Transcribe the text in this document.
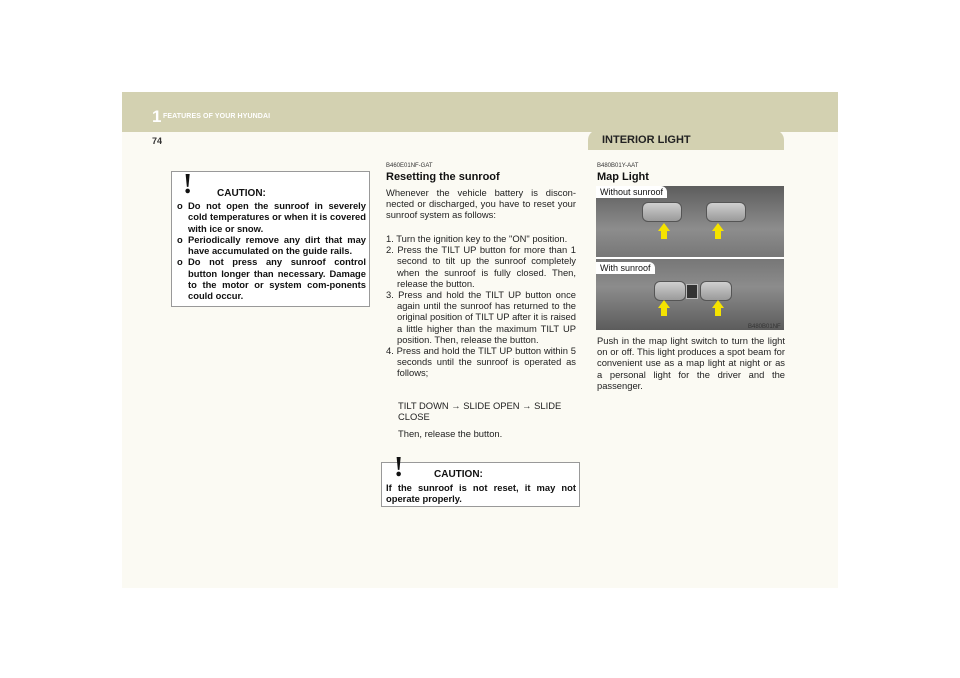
1 FEATURES OF YOUR HYUNDAI
74	INTERIOR LIGHT
! CAUTION:
o Do not open the sunroof in severely cold temperatures or when it is covered with ice or snow.
o Periodically remove any dirt that may have accumulated on the guide rails.
o Do not press any sunroof control button longer than necessary. Damage to the motor or system com-ponents could occur.
B460E01NF-GAT
Resetting the sunroof
Whenever the vehicle battery is discon-nected or discharged, you have to reset your sunroof system as follows:
1. Turn the ignition key to the "ON" position.
2. Press the TILT UP button for more than 1 second to tilt up the sunroof completely when the sunroof is fully closed. Then, release the button.
3. Press and hold the TILT UP button once again until the sunroof has returned to the original position of TILT UP after it is raised a little higher than the maximum TILT UP position. Then, release the button.
4. Press and hold the TILT UP button within 5 seconds until the sunroof is operated as follows;
TILT DOWN → SLIDE OPEN → SLIDE CLOSE
Then, release the button.
!	CAUTION:
If the sunroof is not reset, it may not operate properly.
B480B01Y-AAT
Map Light
Without sunroof
With sunroof
B480B01NF
Push in the map light switch to turn the light on or off. This light produces a spot beam for convenient use as a map light at night or as a personal light for the driver and the passenger.
